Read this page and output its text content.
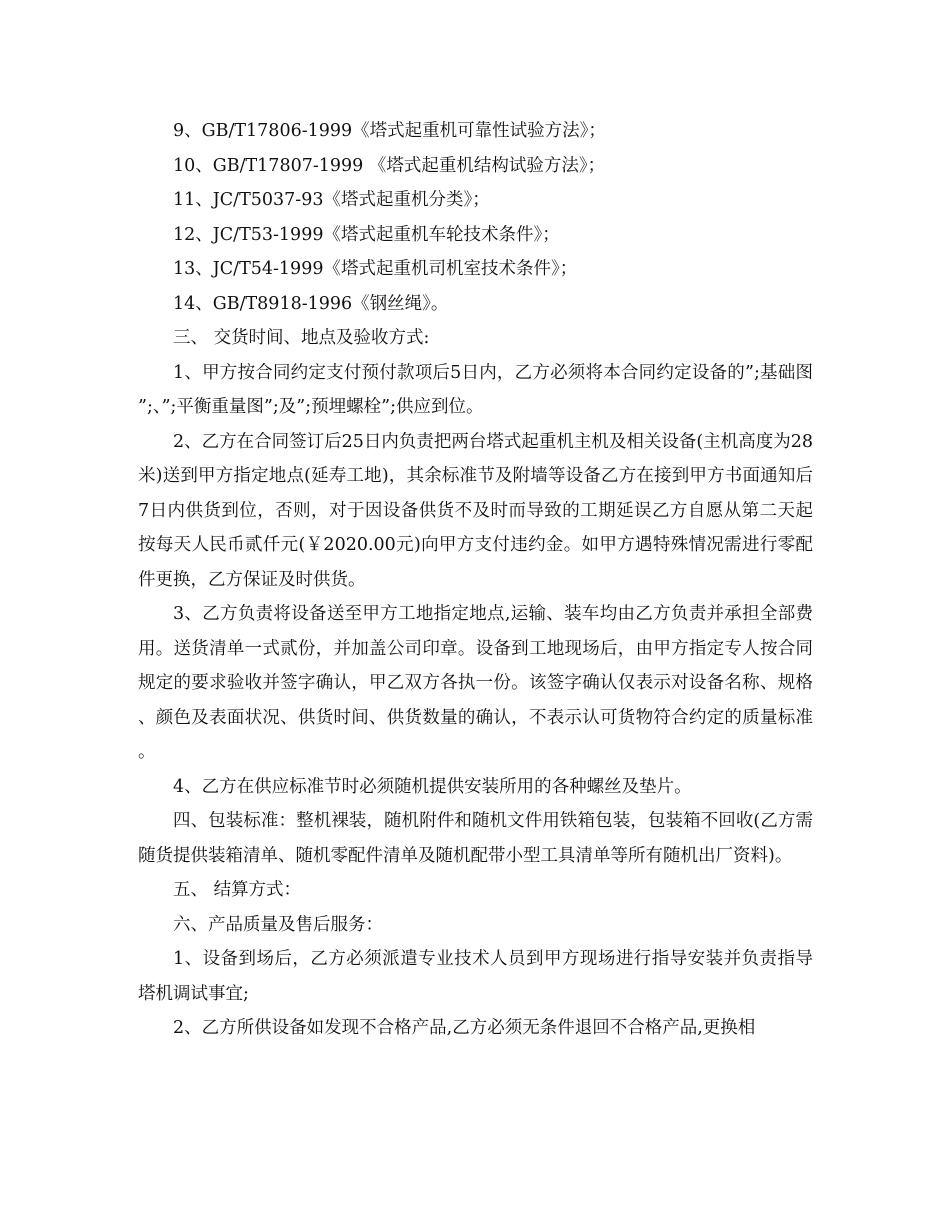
9、GB/T17806-1999《塔式起重机可靠性试验方法》；

10、GB/T17807-1999 《塔式起重机结构试验方法》；

11、JC/T5037-93《塔式起重机分类》；

12、JC/T53-1999《塔式起重机车轮技术条件》；

13、JC/T54-1999《塔式起重机司机室技术条件》；

14、GB/T8918-1996《钢丝绳》。

三、 交货时间、地点及验收方式:

1、甲方按合同约定支付预付款项后5日内，乙方必须将本合同约定设备的”;基础图”;、”;平衡重量图”;及”;预埋螺栓”;供应到位。

2、乙方在合同签订后25日内负责把两台塔式起重机主机及相关设备(主机高度为28米)送到甲方指定地点(延寿工地)，其余标准节及附墙等设备乙方在接到甲方书面通知后7日内供货到位，否则，对于因设备供货不及时而导致的工期延误乙方自愿从第二天起按每天人民币贰仟元(￥2020.00元)向甲方支付违约金。如甲方遇特殊情况需进行零配件更换，乙方保证及时供货。

3、乙方负责将设备送至甲方工地指定地点,运输、装车均由乙方负责并承担全部费用。送货清单一式贰份，并加盖公司印章。设备到工地现场后，由甲方指定专人按合同规定的要求验收并签字确认，甲乙双方各执一份。该签字确认仅表示对设备名称、规格、颜色及表面状况、供货时间、供货数量的确认，不表示认可货物符合约定的质量标准。

4、乙方在供应标准节时必须随机提供安装所用的各种螺丝及垫片。

四、包装标准：整机裸装，随机附件和随机文件用铁箱包装，包装箱不回收(乙方需随货提供装箱清单、随机零配件清单及随机配带小型工具清单等所有随机出厂资料)。

五、 结算方式：

六、产品质量及售后服务：

1、设备到场后，乙方必须派遣专业技术人员到甲方现场进行指导安装并负责指导塔机调试事宜;

2、乙方所供设备如发现不合格产品,乙方必须无条件退回不合格产品,更换相
